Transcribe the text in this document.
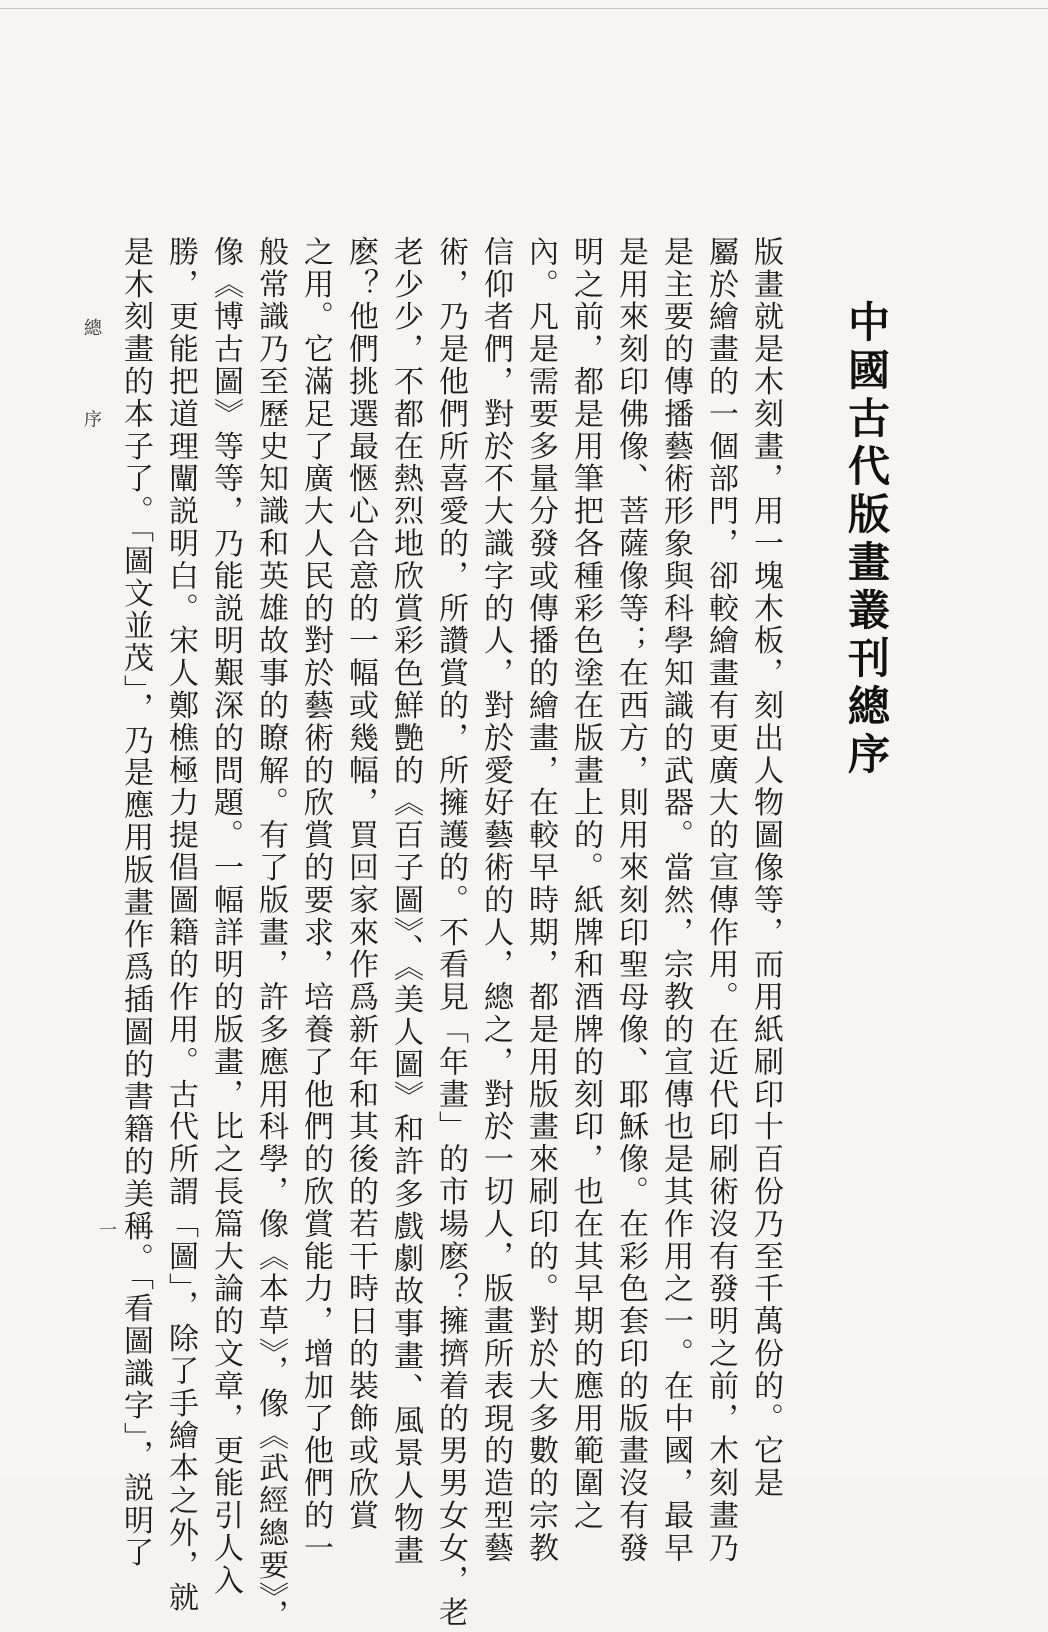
中國古代版畫叢刊總序
版畫就是木刻畫，用一塊木板，刻出人物圖像等，而用紙刷印十百份乃至千萬份的。它是
屬於繪畫的一個部門，卻較繪畫有更廣大的宣傳作用。在近代印刷術沒有發明之前，木刻畫乃
是主要的傳播藝術形象與科學知識的武器。當然，宗教的宣傳也是其作用之一。在中國，最早
是用來刻印佛像、菩薩像等；在西方，則用來刻印聖母像、耶穌像。在彩色套印的版畫沒有發
明之前，都是用筆把各種彩色塗在版畫上的。紙牌和酒牌的刻印，也在其早期的應用範圍之
內。凡是需要多量分發或傳播的繪畫，在較早時期，都是用版畫來刷印的。對於大多數的宗教
信仰者們，對於不大識字的人，對於愛好藝術的人，總之，對於一切人，版畫所表現的造型藝
術，乃是他們所喜愛的，所讚賞的，所擁護的。不看見「年畫」的市場麽？擁擠着的男男女女，老
老少少，不都在熱烈地欣賞彩色鮮艷的《百子圖》、《美人圖》和許多戲劇故事畫、風景人物畫
麽？他們挑選最愜心合意的一幅或幾幅，買回家來作爲新年和其後的若干時日的裝飾或欣賞
之用。它滿足了廣大人民的對於藝術的欣賞的要求，培養了他們的欣賞能力，增加了他們的一
般常識乃至歷史知識和英雄故事的瞭解。有了版畫，許多應用科學，像《本草》，像《武經總要》，
像《博古圖》等等，乃能説明艱深的問題。一幅詳明的版畫，比之長篇大論的文章，更能引人入
勝，更能把道理闡説明白。宋人鄭樵極力提倡圖籍的作用。古代所謂「圖」，除了手繪本之外，就
是木刻畫的本子了。「圖文並茂」，乃是應用版畫作爲插圖的書籍的美稱。「看圖識字」，説明了
總 序
一
